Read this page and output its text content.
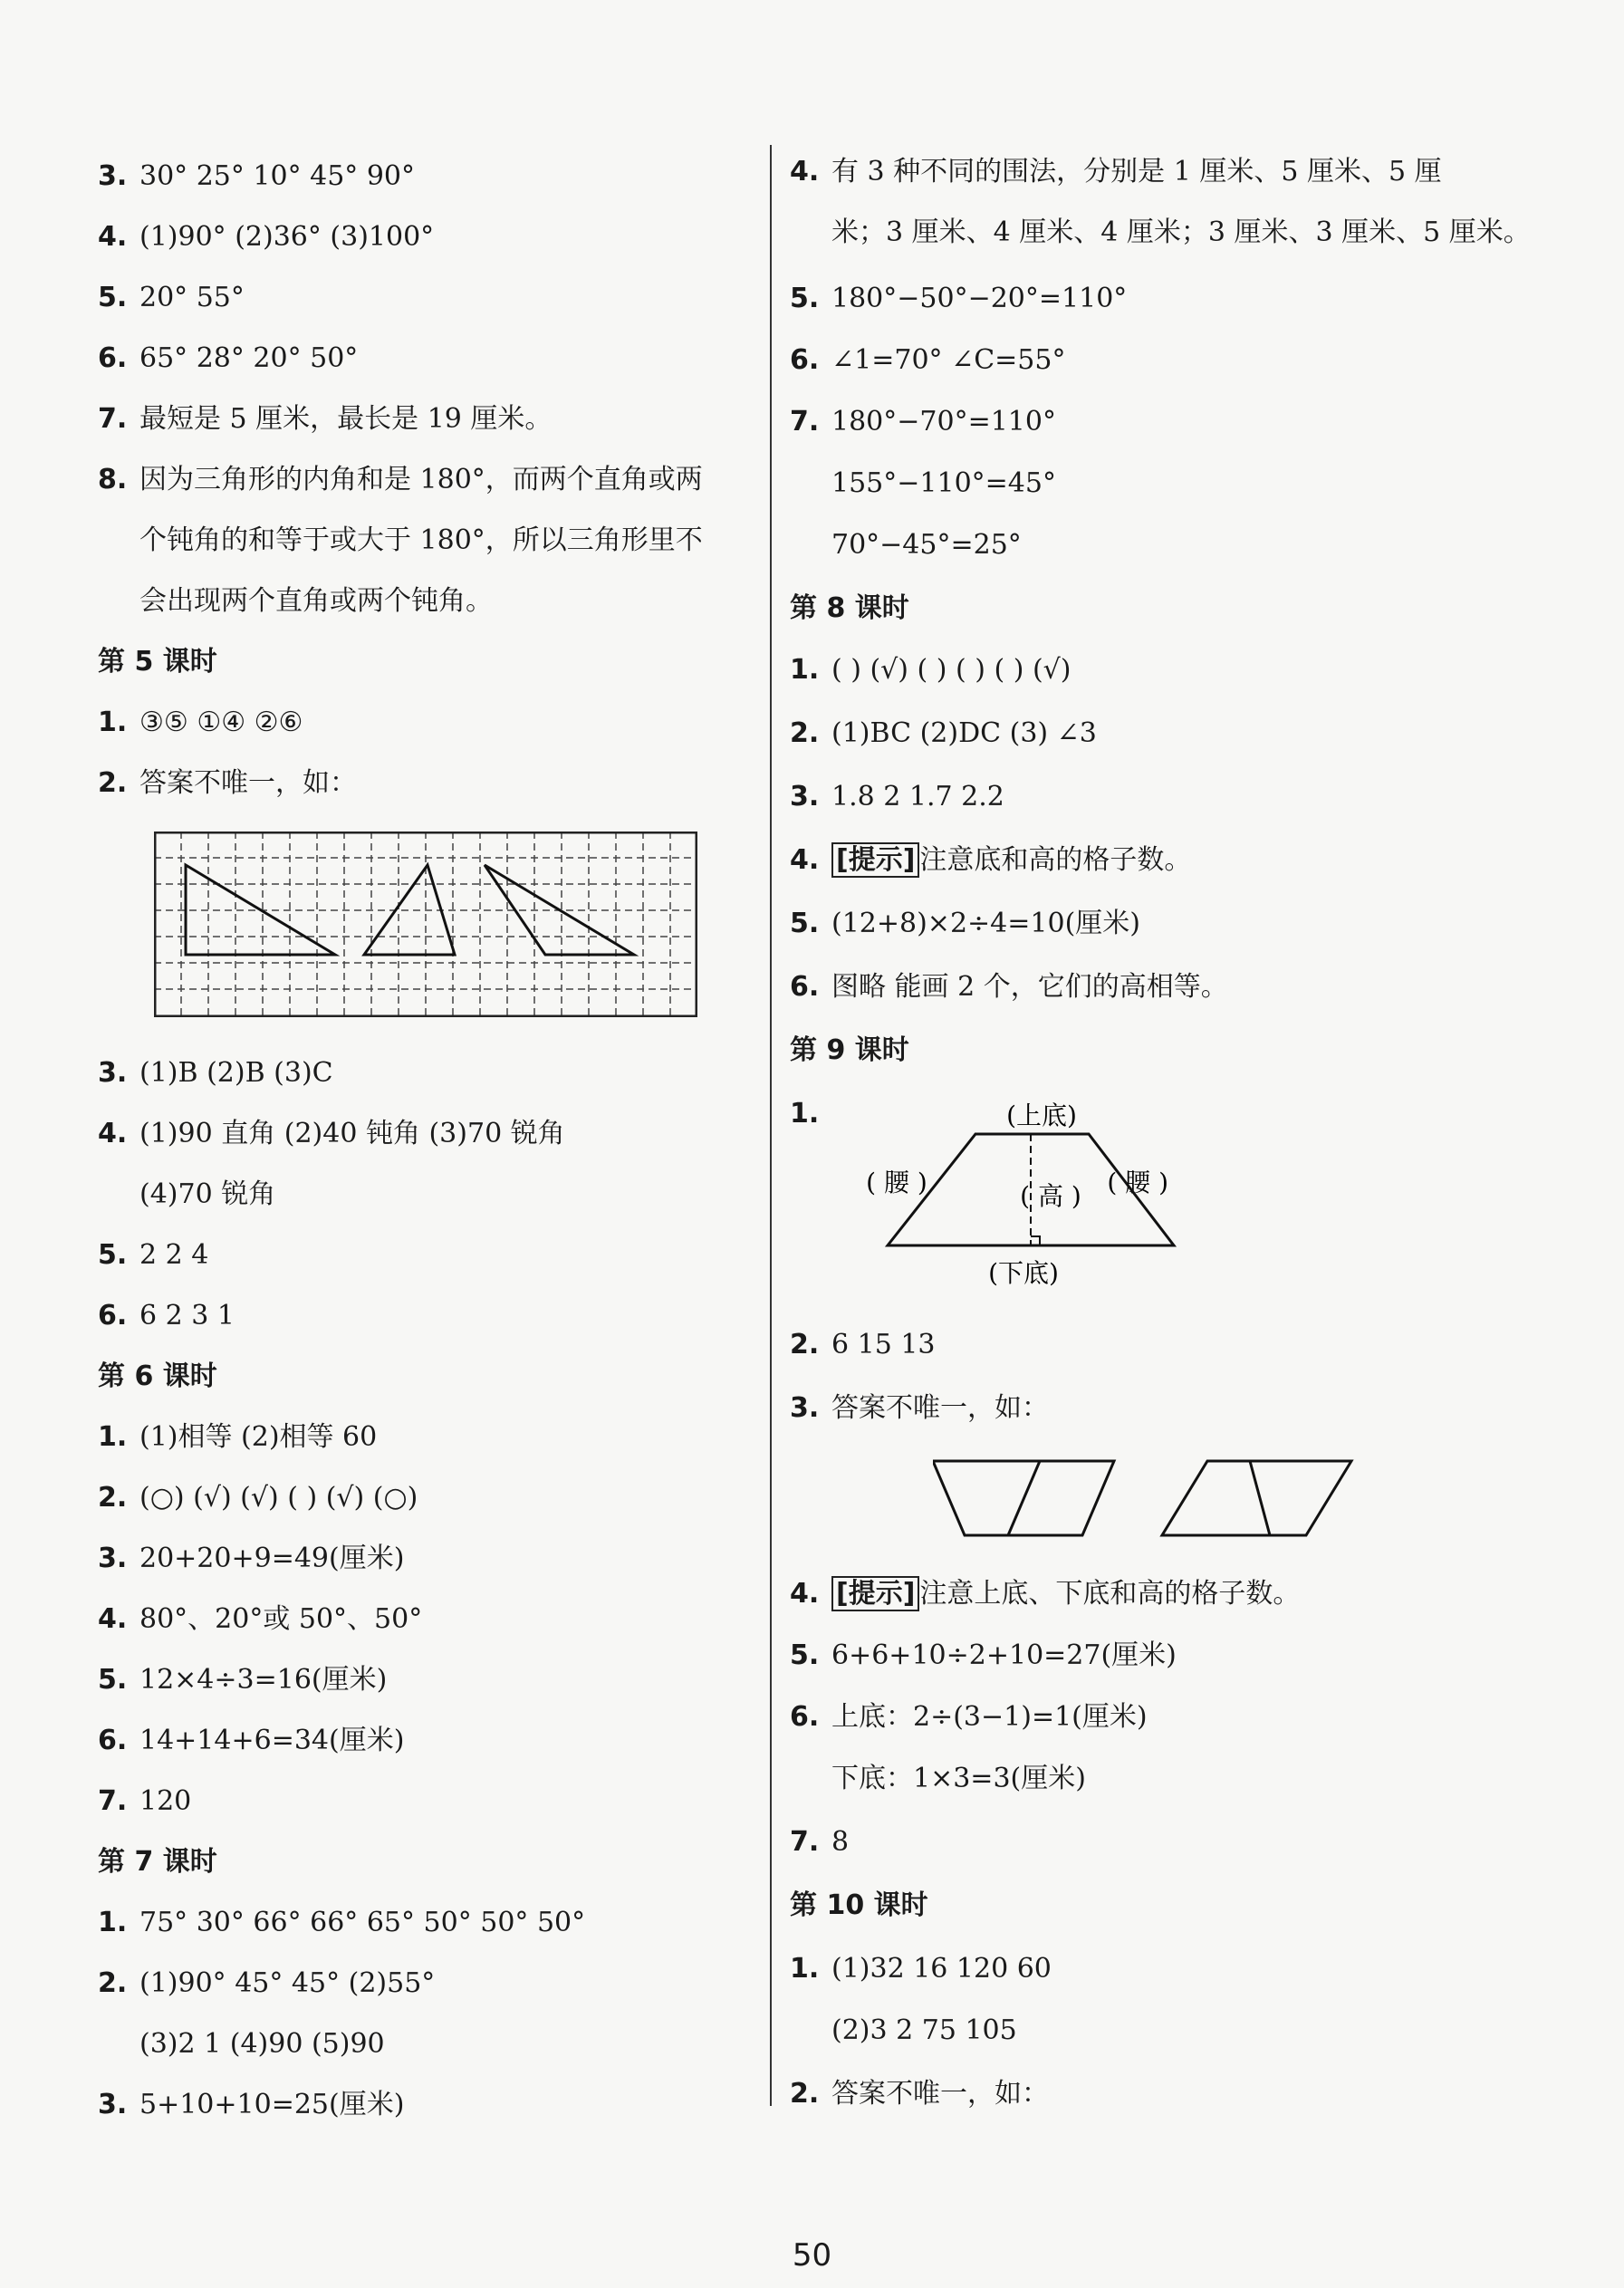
3. 30° 25° 10° 45° 90°
4. (1)90° (2)36° (3)100°
5. 20° 55°
6. 65° 28° 20° 50°
7. 最短是 5 厘米，最长是 19 厘米。
8. 因为三角形的内角和是 180°，而两个直角或两
个钝角的和等于或大于 180°，所以三角形里不
会出现两个直角或两个钝角。
第 5 课时
1. ③⑤ ①④ ②⑥
2. 答案不唯一，如：
3. (1)B (2)B (3)C
4. (1)90 直角 (2)40 钝角 (3)70 锐角
(4)70 锐角
5. 2 2 4
6. 6 2 3 1
第 6 课时
1. (1)相等 (2)相等 60
2. (○) (√) (√) ( ) (√) (○)
3. 20+20+9=49(厘米)
4. 80°、20°或 50°、50°
5. 12×4÷3=16(厘米)
6. 14+14+6=34(厘米)
7. 120
第 7 课时
1. 75° 30° 66° 66° 65° 50° 50° 50°
2. (1)90° 45° 45° (2)55°
(3)2 1 (4)90 (5)90
3. 5+10+10=25(厘米)
4. 有 3 种不同的围法，分别是 1 厘米、5 厘米、5 厘
米；3 厘米、4 厘米、4 厘米；3 厘米、3 厘米、5 厘米。
5. 180°−50°−20°=110°
6. ∠1=70° ∠C=55°
7. 180°−70°=110°
155°−110°=45°
70°−45°=25°
第 8 课时
1. ( ) (√) ( ) ( ) ( ) (√)
2. (1)BC (2)DC (3) ∠3
3. 1.8 2 1.7 2.2
4. [提示] 注意底和高的格子数。
5. (12+8)×2÷4=10(厘米)
6. 图略 能画 2 个，它们的高相等。
第 9 课时
1.	(上底)
( 腰 )	( 高 ) ( 腰 )
(下底)
2. 6 15 13
3. 答案不唯一，如：
4. [提示] 注意上底、下底和高的格子数。
5. 6+6+10÷2+10=27(厘米)
6. 上底：2÷(3−1)=1(厘米)
下底：1×3=3(厘米)
7. 8
第 10 课时
1. (1)32 16 120 60
(2)3 2 75 105
2. 答案不唯一，如：
50
